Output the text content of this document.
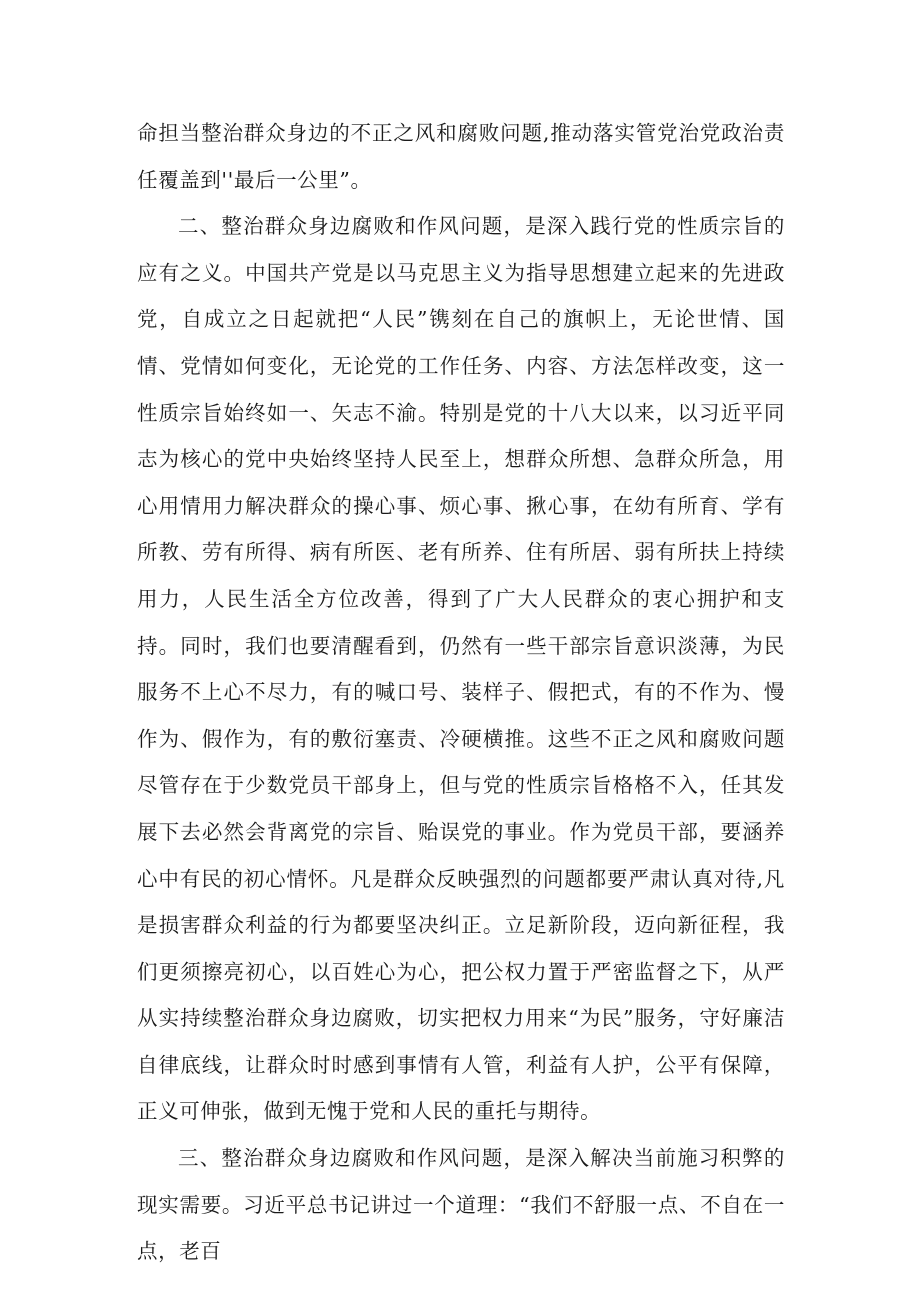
命担当整治群众身边的不正之风和腐败问题,推动落实管党治党政治责任覆盖到''最后一公里”。

二、整治群众身边腐败和作风问题，是深入践行党的性质宗旨的应有之义。中国共产党是以马克思主义为指导思想建立起来的先进政党，自成立之日起就把“人民”镌刻在自己的旗帜上，无论世情、国情、党情如何变化，无论党的工作任务、内容、方法怎样改变，这一性质宗旨始终如一、矢志不渝。特别是党的十八大以来，以习近平同志为核心的党中央始终坚持人民至上，想群众所想、急群众所急，用心用情用力解决群众的操心事、烦心事、揪心事，在幼有所育、学有所教、劳有所得、病有所医、老有所养、住有所居、弱有所扶上持续用力，人民生活全方位改善，得到了广大人民群众的衷心拥护和支持。同时，我们也要清醒看到，仍然有一些干部宗旨意识淡薄，为民服务不上心不尽力，有的喊口号、装样子、假把式，有的不作为、慢作为、假作为，有的敷衍塞责、冷硬横推。这些不正之风和腐败问题尽管存在于少数党员干部身上，但与党的性质宗旨格格不入，任其发展下去必然会背离党的宗旨、贻误党的事业。作为党员干部，要涵养心中有民的初心情怀。凡是群众反映强烈的问题都要严肃认真对待,凡是损害群众利益的行为都要坚决纠正。立足新阶段，迈向新征程，我们更须擦亮初心，以百姓心为心，把公权力置于严密监督之下，从严从实持续整治群众身边腐败，切实把权力用来“为民”服务，守好廉洁自律底线，让群众时时感到事情有人管，利益有人护，公平有保障，正义可伸张，做到无愧于党和人民的重托与期待。

三、整治群众身边腐败和作风问题，是深入解决当前施习积弊的现实需要。习近平总书记讲过一个道理：“我们不舒服一点、不自在一点，老百
